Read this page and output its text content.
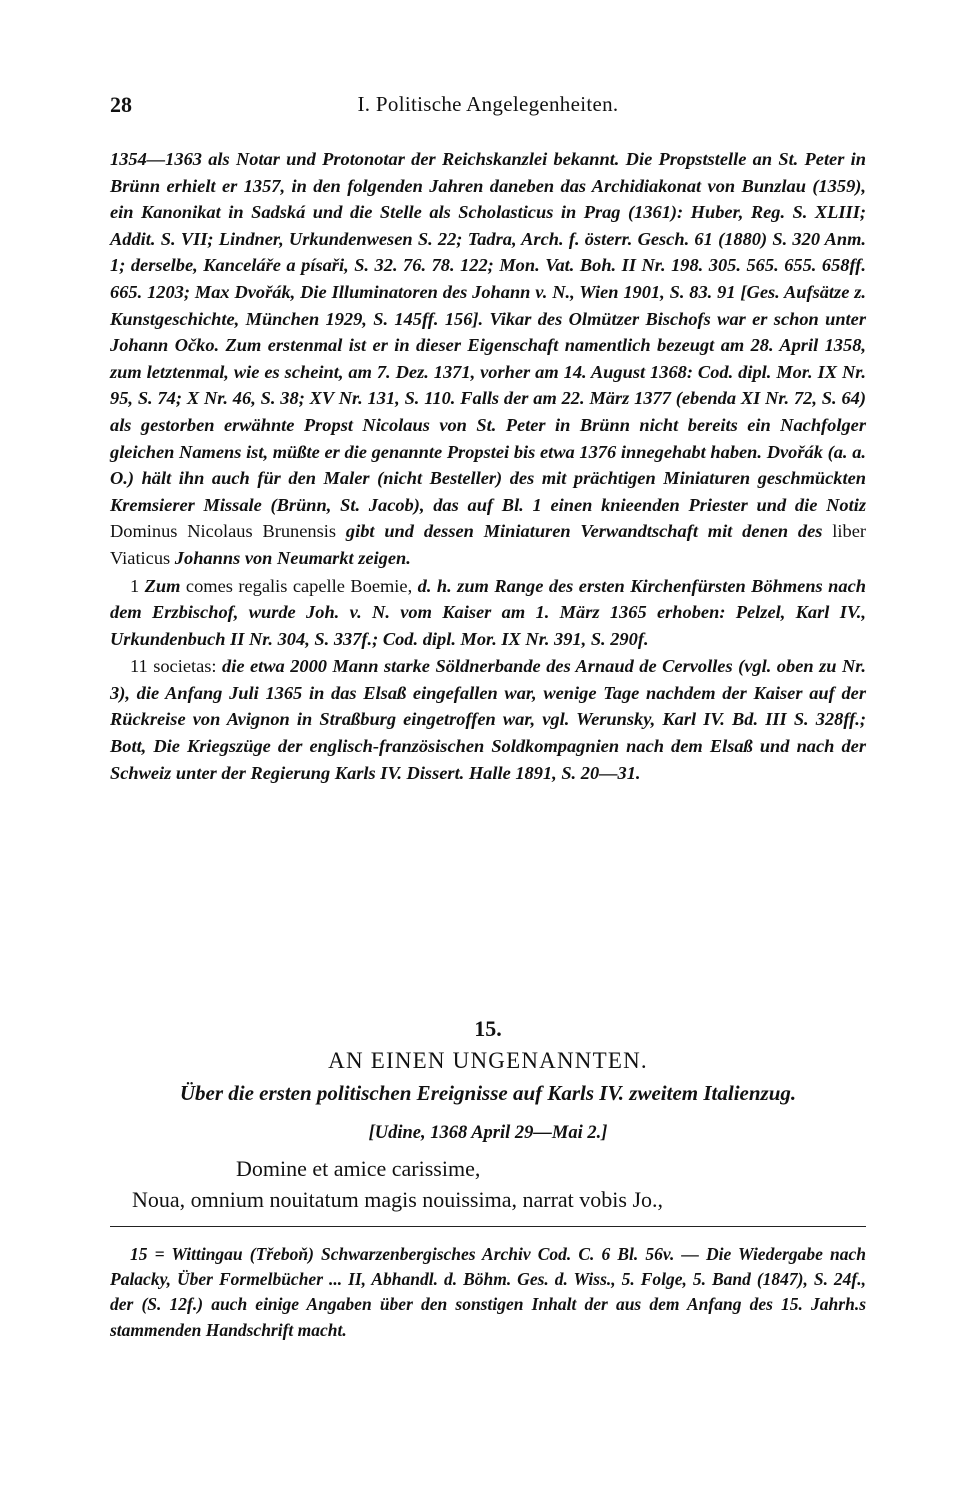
28	I. Politische Angelegenheiten.

1354—1363 als Notar und Protonotar der Reichskanzlei bekannt. Die Propststelle an St. Peter in Brünn erhielt er 1357, in den folgenden Jahren daneben das Archidiakonat von Bunzlau (1359), ein Kanonikat in Sadská und die Stelle als Scholasticus in Prag (1361): Huber, Reg. S. XLIII; Addit. S. VII; Lindner, Urkundenwesen S. 22; Tadra, Arch. f. österr. Gesch. 61 (1880) S. 320 Anm. 1; derselbe, Kanceláře a písaři, S. 32. 76. 78. 122; Mon. Vat. Boh. II Nr. 198. 305. 565. 655. 658ff. 665. 1203; Max Dvořák, Die Illuminatoren des Johann v. N., Wien 1901, S. 83. 91 [Ges. Aufsätze z. Kunstgeschichte, München 1929, S. 145ff. 156]. Vikar des Olmützer Bischofs war er schon unter Johann Očko. Zum erstenmal ist er in dieser Eigenschaft namentlich bezeugt am 28. April 1358, zum letztenmal, wie es scheint, am 7. Dez. 1371, vorher am 14. August 1368: Cod. dipl. Mor. IX Nr. 95, S. 74; X Nr. 46, S. 38; XV Nr. 131, S. 110. Falls der am 22. März 1377 (ebenda XI Nr. 72, S. 64) als gestorben erwähnte Propst Nicolaus von St. Peter in Brünn nicht bereits ein Nachfolger gleichen Namens ist, müßte er die genannte Propstei bis etwa 1376 innegehabt haben. Dvořák (a. a. O.) hält ihn auch für den Maler (nicht Besteller) des mit prächtigen Miniaturen geschmückten Kremsierer Missale (Brünn, St. Jacob), das auf Bl. 1 einen knieenden Priester und die Notiz Dominus Nicolaus Brunensis gibt und dessen Miniaturen Verwandtschaft mit denen des liber Viaticus Johanns von Neumarkt zeigen.

1 Zum comes regalis capelle Boemie, d. h. zum Range des ersten Kirchenfürsten Böhmens nach dem Erzbischof, wurde Joh. v. N. vom Kaiser am 1. März 1365 erhoben: Pelzel, Karl IV., Urkundenbuch II Nr. 304, S. 337f.; Cod. dipl. Mor. IX Nr. 391, S. 290f.

11 societas: die etwa 2000 Mann starke Söldnerbande des Arnaud de Cervolles (vgl. oben zu Nr. 3), die Anfang Juli 1365 in das Elsaß eingefallen war, wenige Tage nachdem der Kaiser auf der Rückreise von Avignon in Straßburg eingetroffen war, vgl. Werunsky, Karl IV. Bd. III S. 328ff.; Bott, Die Kriegszüge der englisch-französischen Soldkompagnien nach dem Elsaß und nach der Schweiz unter der Regierung Karls IV. Dissert. Halle 1891, S. 20—31.

15.
AN EINEN UNGENANNTEN.
Über die ersten politischen Ereignisse auf Karls IV. zweitem Italienzug.
[Udine, 1368 April 29—Mai 2.]
Domine et amice carissime,
Noua, omnium nouitatum magis nouissima, narrat vobis Jo.,

15 = Wittingau (Třeboň) Schwarzenbergisches Archiv Cod. C. 6 Bl. 56v. — Die Wiedergabe nach Palacky, Über Formelbücher ... II, Abhandl. d. Böhm. Ges. d. Wiss., 5. Folge, 5. Band (1847), S. 24f., der (S. 12f.) auch einige Angaben über den sonstigen Inhalt der aus dem Anfang des 15. Jahrh.s stammenden Handschrift macht.
